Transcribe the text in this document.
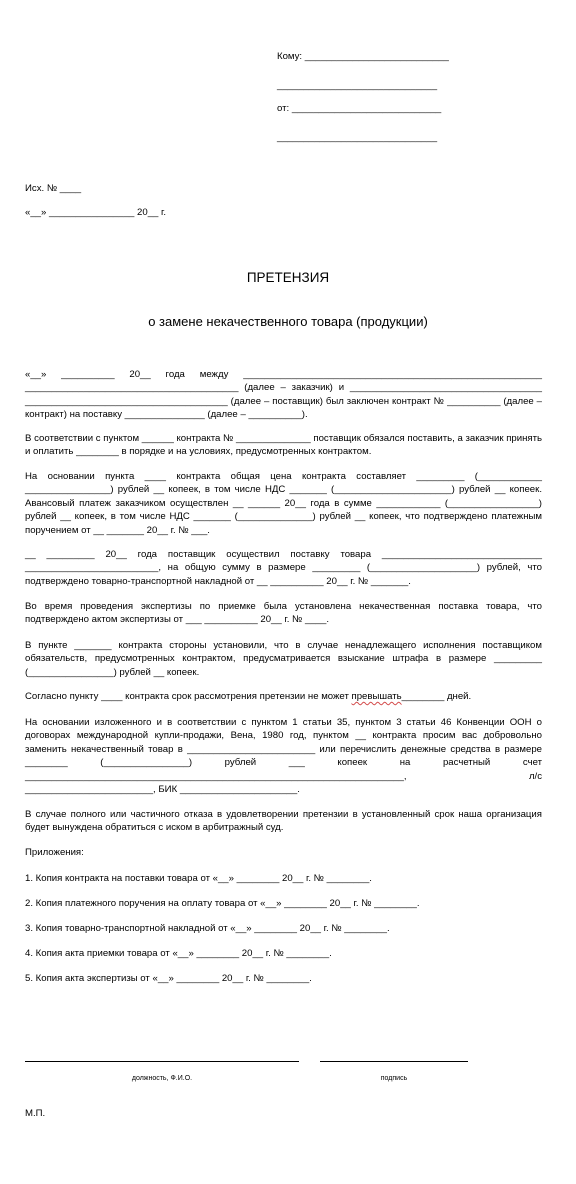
Кому: ___________________________
______________________________
от: ____________________________
______________________________
Исх. № ____
«__» ________________ 20__ г.
ПРЕТЕНЗИЯ
о замене некачественного товара (продукции)
«__» __________ 20__ года между ________________________________________________________ ________________________________________ (далее – заказчик) и ____________________________________ ______________________________________ (далее – поставщик) был заключен контракт № __________ (далее – контракт) на поставку _______________ (далее – __________).
В соответствии с пунктом ______ контракта № ______________ поставщик обязался поставить, а заказчик принять и оплатить ________ в порядке и на условиях, предусмотренных контрактом.
На основании пункта ____ контракта общая цена контракта составляет _________ (____________ ________________) рублей __ копеек, в том числе НДС _______ (______________________) рублей __ копеек. Авансовый платеж заказчиком осуществлен __ ______ 20__ года в сумме ____________ (_________________) рублей __ копеек, в том числе НДС _______ (______________) рублей __ копеек, что подтверждено платежным поручением от __ _______ 20__ г. № ___.
__ _________ 20__ года поставщик осуществил поставку товара ______________________________ _________________________, на общую сумму в размере _________ (____________________) рублей, что подтверждено товарно-транспортной накладной от __ __________ 20__ г. № _______.
Во время проведения экспертизы по приемке была установлена некачественная поставка товара, что подтверждено актом экспертизы от ___ __________ 20__ г. № ____.
В пункте _______ контракта стороны установили, что в случае ненадлежащего исполнения поставщиком обязательств, предусмотренных контрактом, предусматривается взыскание штрафа в размере _________ (________________) рублей __ копеек.
Согласно пункту ____ контракта срок рассмотрения претензии не может превышать________ дней.
На основании изложенного и в соответствии с пунктом 1 статьи 35, пунктом 3 статьи 46 Конвенции ООН о договорах международной купли-продажи, Вена, 1980 год, пунктом __ контракта просим вас добровольно заменить некачественный товар в ________________________ или перечислить денежные средства в размере ________ (________________) рублей ___ копеек на расчетный счет _______________________________________________________________________, л/с ________________________, БИК ______________________.
В случае полного или частичного отказа в удовлетворении претензии в установленный срок наша организация будет вынуждена обратиться с иском в арбитражный суд.
Приложения:
1. Копия контракта на поставки товара от «__» ________ 20__ г. № ________.
2. Копия платежного поручения на оплату товара от «__» ________ 20__ г. № ________.
3. Копия товарно-транспортной накладной от «__» ________ 20__ г. № ________.
4. Копия акта приемки товара от «__» ________ 20__ г. № ________.
5. Копия акта экспертизы от «__» ________ 20__ г. № ________.
должность, Ф.И.О.	подпись
М.П.
